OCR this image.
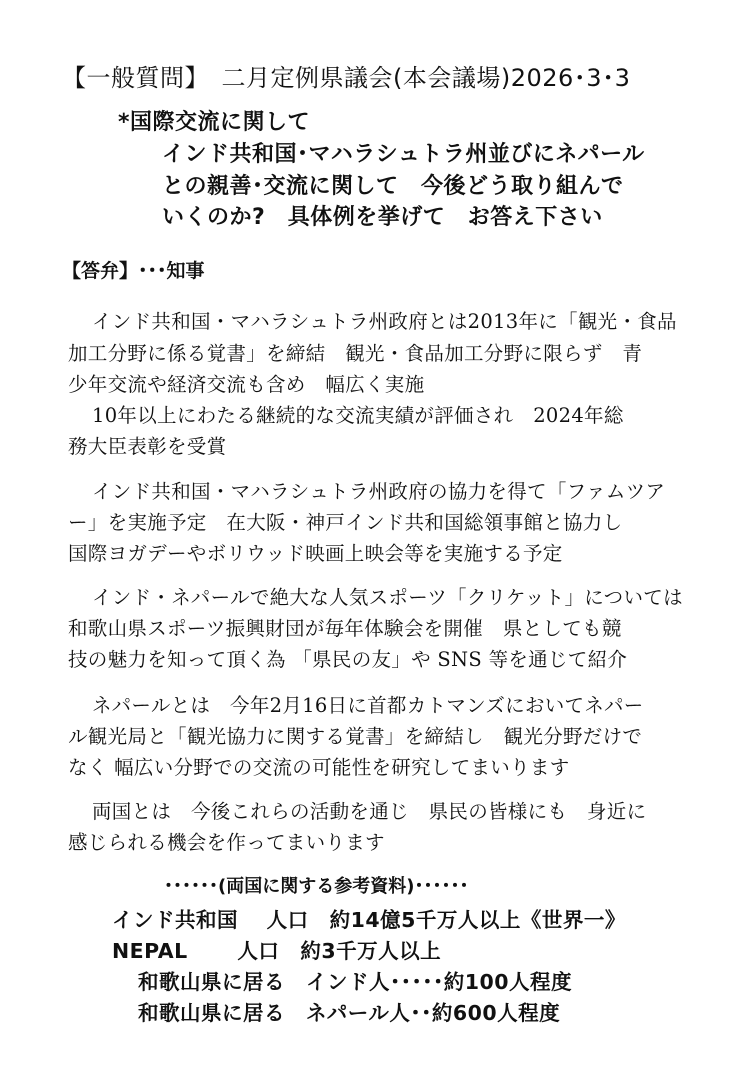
【一般質問】　二月定例県議会(本会議場)2026･3･3
*国際交流に関して
インド共和国･マハラシュトラ州並びにネパール
との親善･交流に関して　今後どう取り組んで
いくのか?　具体例を挙げて　お答え下さい
【答弁】･･･知事
インド共和国・マハラシュトラ州政府とは2013年に「観光・食品
加工分野に係る覚書」を締結　観光・食品加工分野に限らず　青
少年交流や経済交流も含め　幅広く実施
10年以上にわたる継続的な交流実績が評価され　2024年総
務大臣表彰を受賞
インド共和国・マハラシュトラ州政府の協力を得て「ファムツア
ー」を実施予定　在大阪・神戸インド共和国総領事館と協力し
国際ヨガデーやボリウッド映画上映会等を実施する予定
インド・ネパールで絶大な人気スポーツ「クリケット」については
和歌山県スポーツ振興財団が毎年体験会を開催　県としても競
技の魅力を知って頂く為 「県民の友」や SNS 等を通じて紹介
ネパールとは　今年2月16日に首都カトマンズにおいてネパー
ル観光局と「観光協力に関する覚書」を締結し　観光分野だけで
なく 幅広い分野での交流の可能性を研究してまいります
両国とは　今後これらの活動を通じ　県民の皆様にも　身近に
感じられる機会を作ってまいります
･･････(両国に関する参考資料)･･････
インド共和国　 人口　約14億5千万人以上《世界一》
NEPAL　　 人口　約3千万人以上
和歌山県に居る　インド人･････約100人程度
和歌山県に居る　ネパール人･･約600人程度
